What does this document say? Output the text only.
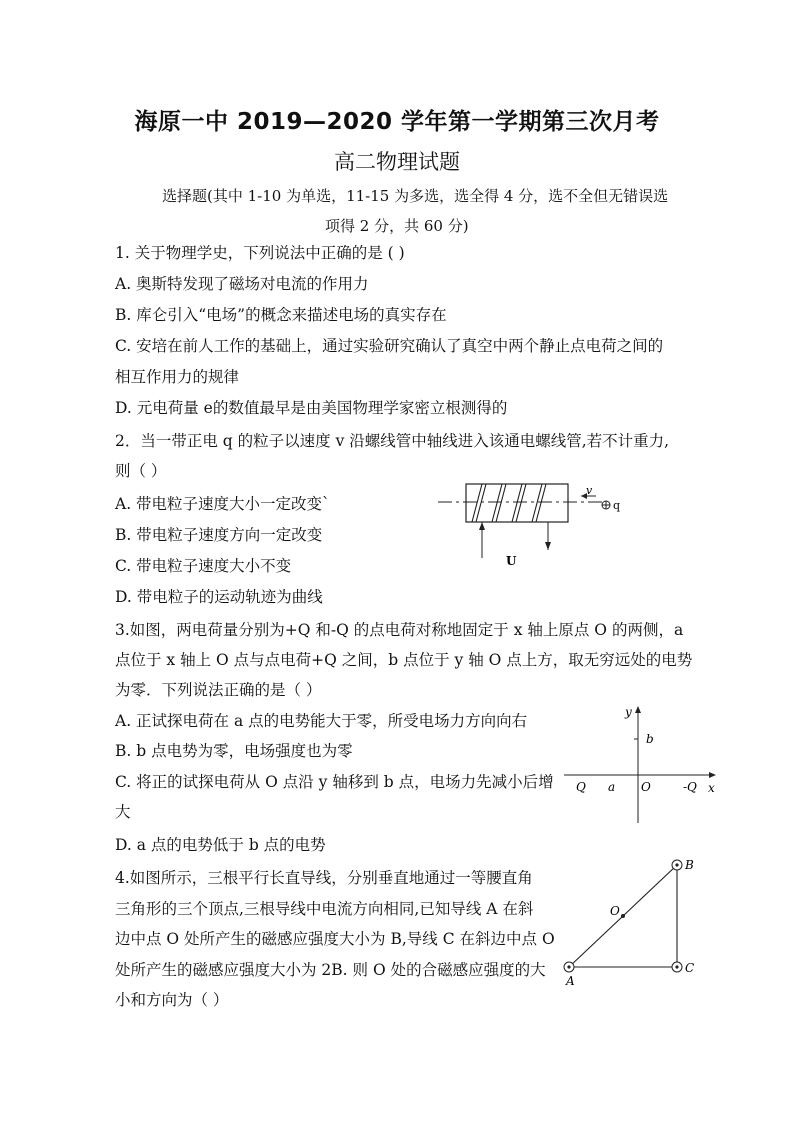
海原一中 2019—2020 学年第一学期第三次月考
高二物理试题
选择题(其中 1-10 为单选，11-15 为多选，选全得 4 分，选不全但无错误选
项得 2 分，共 60 分)
1. 关于物理学史，下列说法中正确的是 ( )
A. 奥斯特发现了磁场对电流的作用力
B. 库仑引入“电场”的概念来描述电场的真实存在
C. 安培在前人工作的基础上，通过实验研究确认了真空中两个静止点电荷之间的
相互作用力的规律
D. 元电荷量 e的数值最早是由美国物理学家密立根测得的
2．当一带正电 q 的粒子以速度 v 沿螺线管中轴线进入该通电螺线管,若不计重力,
则（ ）
A. 带电粒子速度大小一定改变`
B. 带电粒子速度方向一定改变
C. 带电粒子速度大小不变
D. 带电粒子的运动轨迹为曲线
v
q
U
3.如图，两电荷量分别为+Q 和-Q 的点电荷对称地固定于 x 轴上原点 O 的两侧，a
点位于 x 轴上 O 点与点电荷+Q 之间，b 点位于 y 轴 O 点上方，取无穷远处的电势
为零．下列说法正确的是（ ）
A. 正试探电荷在 a 点的电势能大于零，所受电场力方向向右
B. b 点电势为零，电场强度也为零
C. 将正的试探电荷从 O 点沿 y 轴移到 b 点，电场力先减小后增
大
D. a 点的电势低于 b 点的电势
y
x
b
Q a O	-Q
4.如图所示，三根平行长直导线，分别垂直地通过一等腰直角
三角形的三个顶点,三根导线中电流方向相同,已知导线 A 在斜
边中点 O 处所产生的磁感应强度大小为 B,导线 C 在斜边中点 O
处所产生的磁感应强度大小为 2B. 则 O 处的合磁感应强度的大
小和方向为（ ）
A
B
C
O
